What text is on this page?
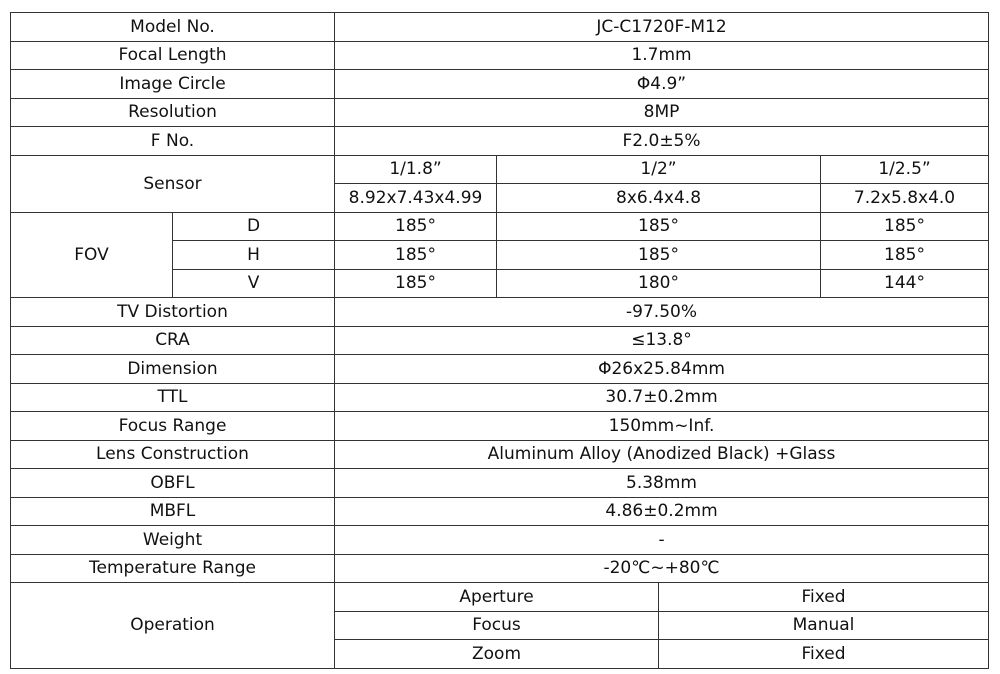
Model No.		JC-C1720F-M12			
Focal Length		1.7mm			
Image Circle		Φ4.9”			
Resolution		8MP			
F No.		F2.0±5%			
Sensor		1/1.8”	1/2”		1/2.5”
		8.92x7.43x4.99	8x6.4x4.8		7.2x5.8x4.0
FOV	D	185°	185°		185°
	H	185°	185°		185°
	V	185°	180°		144°
TV Distortion		-97.50%			
CRA		≤13.8°			
Dimension		Φ26x25.84mm			
TTL		30.7±0.2mm			
Focus Range		150mm~Inf.			
Lens Construction		Aluminum Alloy (Anodized Black) +Glass			
OBFL		5.38mm			
MBFL		4.86±0.2mm			
Weight		-			
Temperature Range		-20℃~+80℃			
Operation		Aperture		Fixed	
		Focus		Manual	
		Zoom		Fixed	
